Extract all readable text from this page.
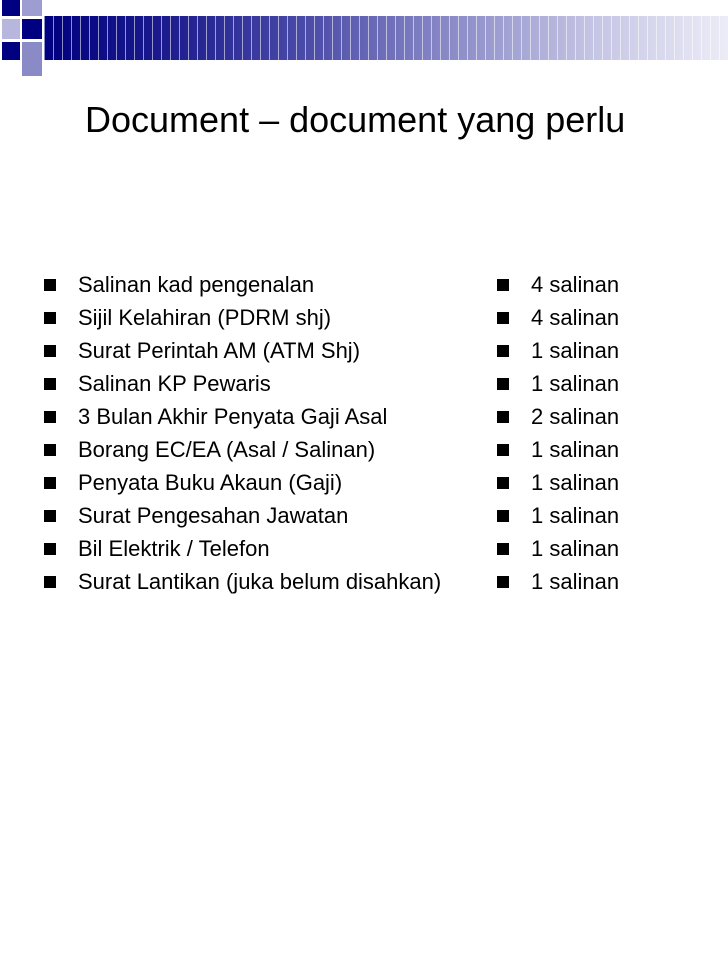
Document – document yang perlu
Salinan kad pengenalan
Sijil Kelahiran (PDRM shj)
Surat Perintah AM (ATM Shj)
Salinan KP Pewaris
3 Bulan Akhir Penyata Gaji Asal
Borang EC/EA (Asal / Salinan)
Penyata Buku Akaun (Gaji)
Surat Pengesahan Jawatan
Bil Elektrik / Telefon
Surat Lantikan (juka belum disahkan)
4 salinan
4 salinan
1 salinan
1 salinan
2 salinan
1 salinan
1 salinan
1 salinan
1 salinan
1 salinan
